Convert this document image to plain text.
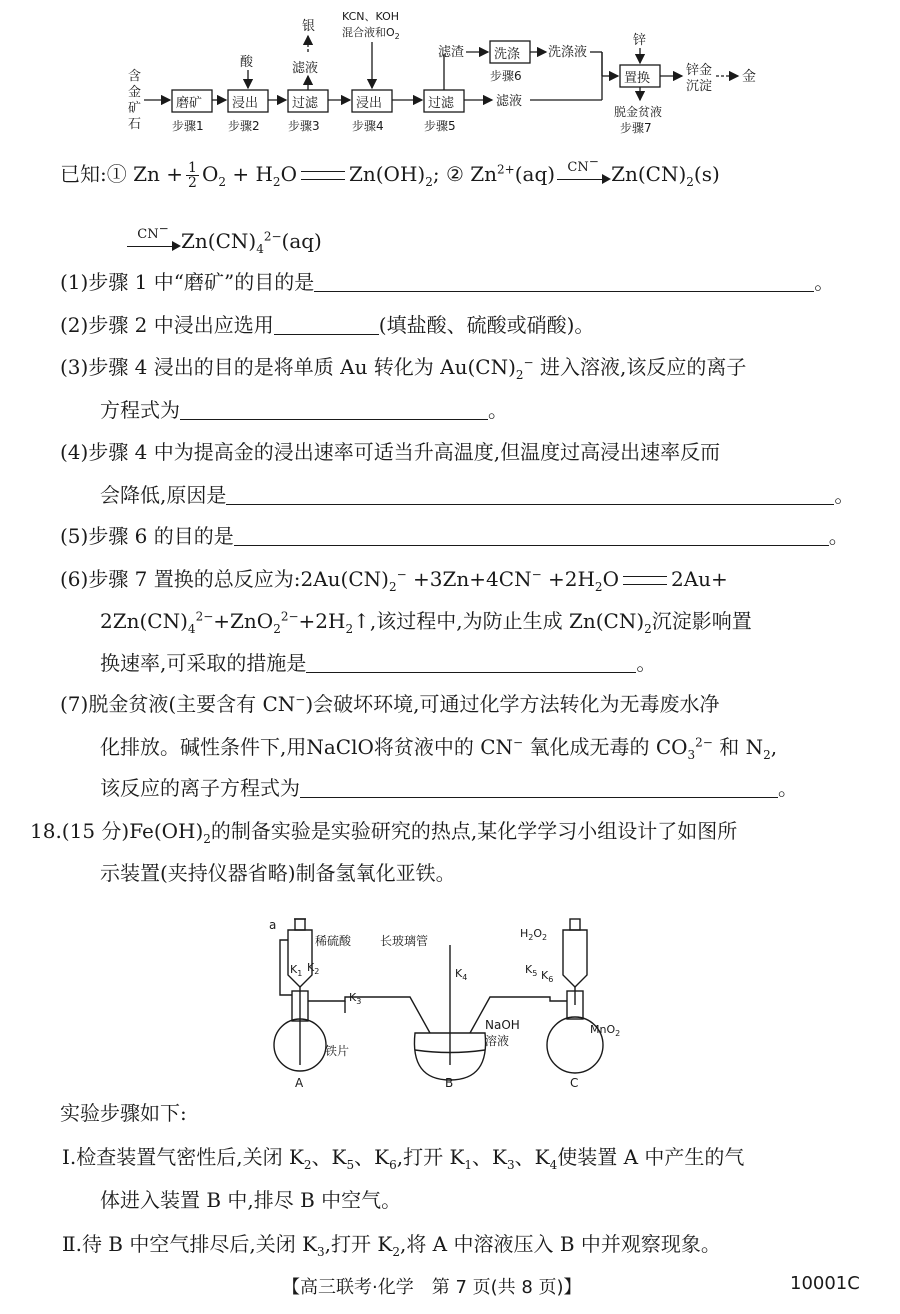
含
金
矿
石
磨矿 浸出	过滤	浸出	过滤
步骤1 步骤2 步骤3	步骤4	步骤5
酸
银
滤液
KCN、KOH
混合液和$O_2$
滤渣 洗涤
步骤6
洗涤液
滤液
置换
锌
脱金贫液
步骤7
锌金
沉淀
金
已知:① $Zn + \frac{1}{2} O_2 + H_2O$	$Zn(OH)_2$; ② $Zn^{2+}(aq)$ CN−
$Zn(CN)_2(s)$
CN−
$Zn(CN)_4^{2-}(aq)$
(1)步骤 1 中“磨矿”的目的是	。
(2)步骤 2 中浸出应选用	(填盐酸、硫酸或硝酸)。
(3)步骤 4 浸出的目的是将单质 Au 转化为 $Au(CN)_2^-$ 进入溶液,该反应的离子
方程式为	。
(4)步骤 4 中为提高金的浸出速率可适当升高温度,但温度过高浸出速率反而
会降低,原因是	。
(5)步骤 6 的目的是	。
(6)步骤 7 置换的总反应为$:2Au(CN)_2^- +3Zn+4CN^- +2H_2O$	2Au+
$2Zn(CN)_4^{2-}+ZnO_2^{2-}+2H_2↑$,该过程中,为防止生成 $Zn(CN)_2$沉淀影响置
换速率,可采取的措施是	。
(7)脱金贫液(主要含有 CN−)会破坏环境,可通过化学方法转化为无毒废水净
化排放。碱性条件下,用NaClO将贫液中的 CN− 氧化成无毒的 $CO_3^{2-}$ 和 $N_2$,
该反应的离子方程式为	。
18.(15 分)$Fe(OH)_2$的制备实验是实验研究的热点,某化学学习小组设计了如图所
示装置(夹持仪器省略)制备氢氧化亚铁。
a
稀硫酸
$K_1$ $K_2$
$K_3$
长玻璃管
$K_4$
$K_5$ $K_6$
$H_2O_2$
NaOH
溶液
MnO$_2$
铁片
A	B	C
实验步骤如下:
Ⅰ.检查装置气密性后,关闭 $K_2$、$K_5$、$K_6$,打开 $K_1$、$K_3$、$K_4$使装置 A 中产生的气
体进入装置 B 中,排尽 B 中空气。
Ⅱ.待 B 中空气排尽后,关闭 $K_3$,打开 $K_2$,将 A 中溶液压入 B 中并观察现象。
【高三联考·化学　第 7 页(共 8 页)】	10001C
